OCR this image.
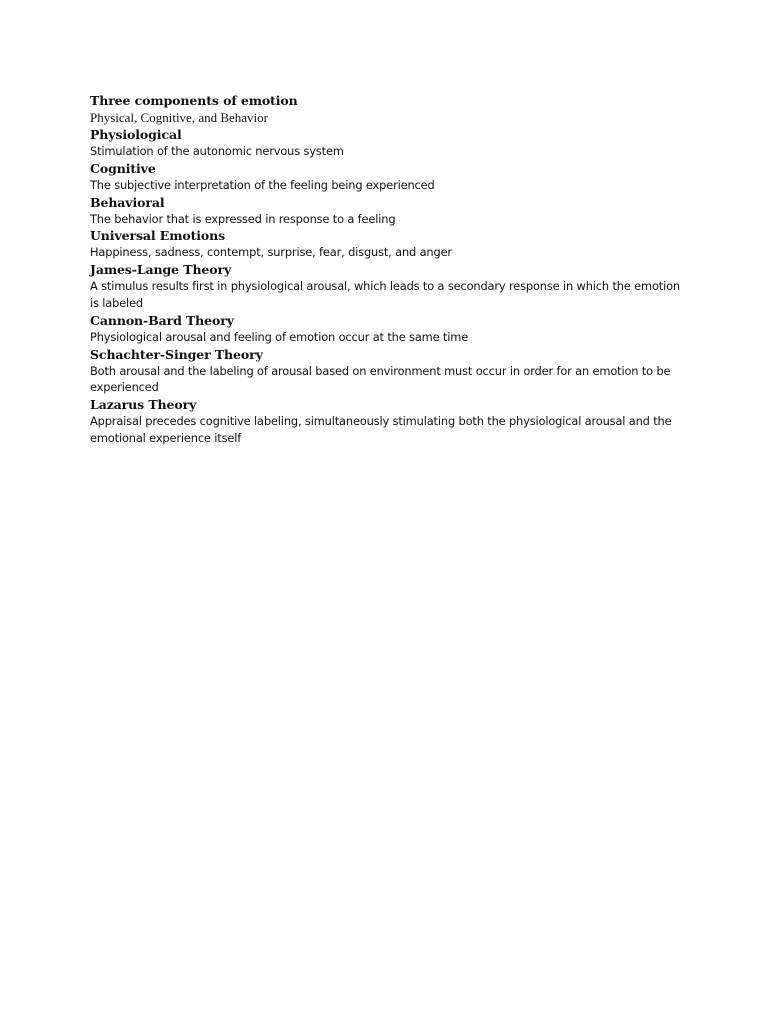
Three components of emotion

Physical, Cognitive, and Behavior

Physiological

Stimulation of the autonomic nervous system

Cognitive

The subjective interpretation of the feeling being experienced

Behavioral

The behavior that is expressed in response to a feeling

Universal Emotions

Happiness, sadness, contempt, surprise, fear, disgust, and anger

James-Lange Theory

A stimulus results first in physiological arousal, which leads to a secondary response in which the emotion is labeled

Cannon-Bard Theory

Physiological arousal and feeling of emotion occur at the same time

Schachter-Singer Theory

Both arousal and the labeling of arousal based on environment must occur in order for an emotion to be experienced

Lazarus Theory

Appraisal precedes cognitive labeling, simultaneously stimulating both the physiological arousal and the emotional experience itself
